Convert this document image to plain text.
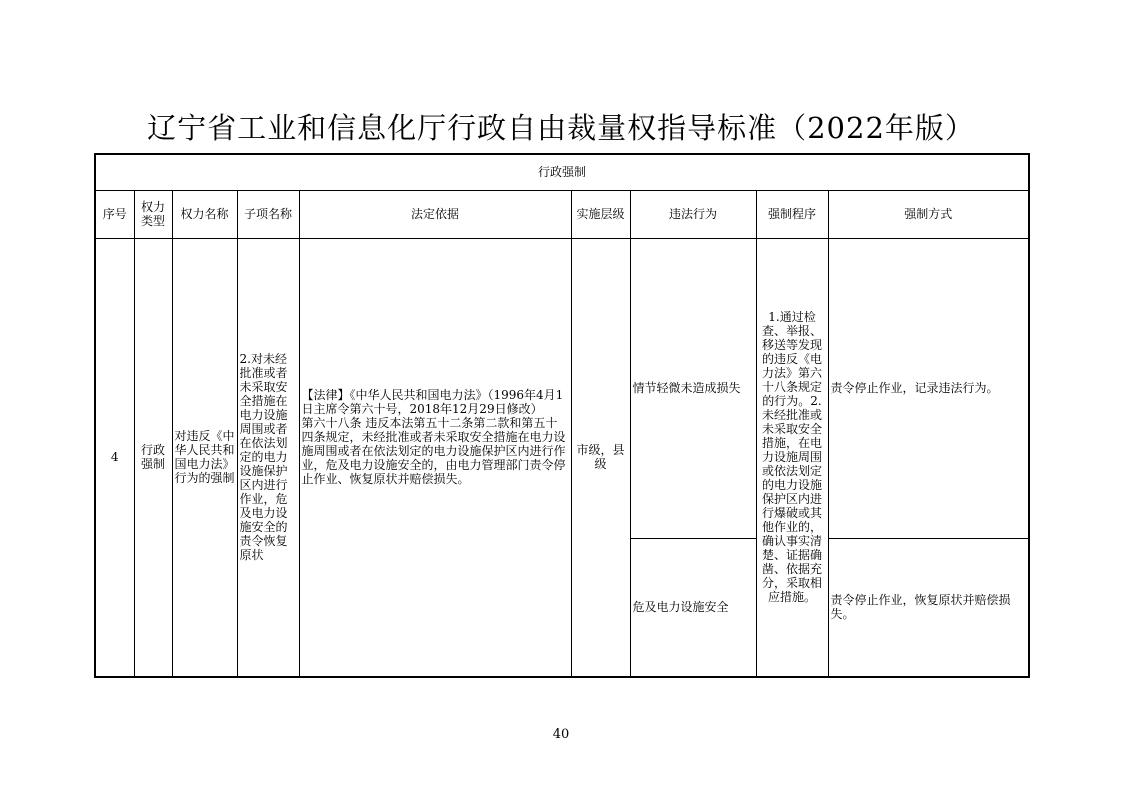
辽宁省工业和信息化厅行政自由裁量权指导标准（2022年版）
行政强制								
序号	权力类型	权力名称	子项名称	法定依据	实施层级	违法行为	强制程序	强制方式
4	行政强制	对违反《中华人民共和国电力法》行为的强制	2.对未经批准或者未采取安全措施在电力设施周围或者在依法划定的电力设施保护区内进行作业，危及电力设施安全的责令恢复原状	【法律】《中华人民共和国电力法》（1996年4月1日主席令第六十号，2018年12月29日修改）
第六十八条 违反本法第五十二条第二款和第五十四条规定，未经批准或者未采取安全措施在电力设施周围或者在依法划定的电力设施保护区内进行作业，危及电力设施安全的，由电力管理部门责令停止作业、恢复原状并赔偿损失。	市级，县级	情节轻微未造成损失	1.通过检查、举报、移送等发现的违反《电力法》第六十八条规定的行为。2.未经批准或未采取安全措施，在电力设施周围或依法划定的电力设施保护区内进行爆破或其他作业的，确认事实清楚、证据确凿、依据充分，采取相应措施。	责令停止作业，记录违法行为。
						危及电力设施安全		责令停止作业，恢复原状并赔偿损失。
40
